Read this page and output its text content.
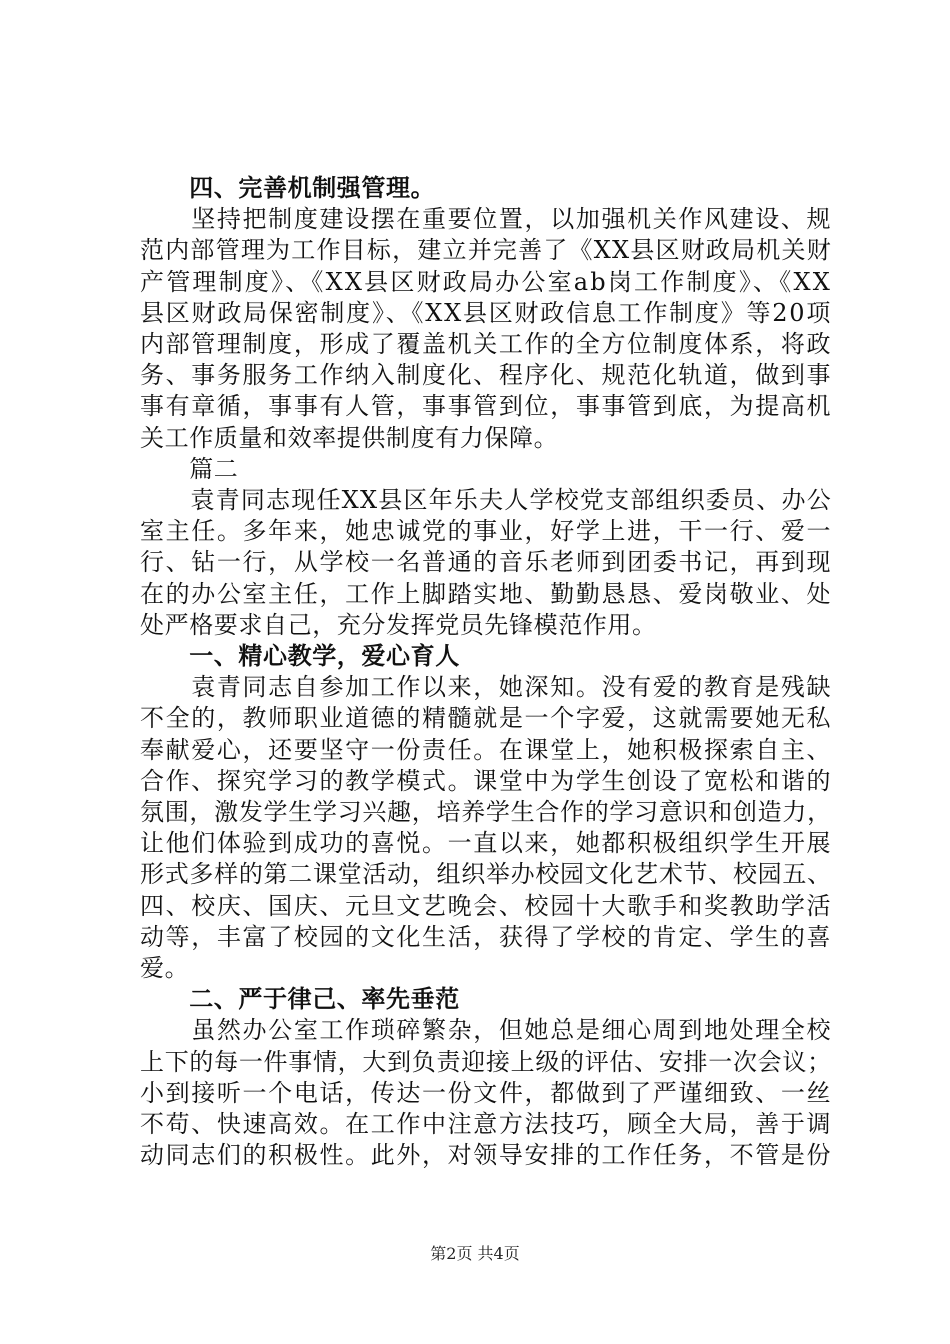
　　四、完善机制强管理。
　　坚持把制度建设摆在重要位置，以加强机关作风建设、规
范内部管理为工作目标，建立并完善了《XX县区财政局机关财
产管理制度》、《XX县区财政局办公室ab岗工作制度》、《XX
县区财政局保密制度》、《XX县区财政信息工作制度》等20项
内部管理制度，形成了覆盖机关工作的全方位制度体系，将政
务、事务服务工作纳入制度化、程序化、规范化轨道，做到事
事有章循，事事有人管，事事管到位，事事管到底，为提高机
关工作质量和效率提供制度有力保障。
　　篇二
　　袁青同志现任XX县区年乐夫人学校党支部组织委员、办公
室主任。多年来，她忠诚党的事业，好学上进，干一行、爱一
行、钻一行，从学校一名普通的音乐老师到团委书记，再到现
在的办公室主任，工作上脚踏实地、勤勤恳恳、爱岗敬业、处
处严格要求自己，充分发挥党员先锋模范作用。
　　一、精心教学，爱心育人
　　袁青同志自参加工作以来，她深知。没有爱的教育是残缺
不全的，教师职业道德的精髓就是一个字爱，这就需要她无私
奉献爱心，还要坚守一份责任。在课堂上，她积极探索自主、
合作、探究学习的教学模式。课堂中为学生创设了宽松和谐的
氛围，激发学生学习兴趣，培养学生合作的学习意识和创造力，
让他们体验到成功的喜悦。一直以来，她都积极组织学生开展
形式多样的第二课堂活动，组织举办校园文化艺术节、校园五、
四、校庆、国庆、元旦文艺晚会、校园十大歌手和奖教助学活
动等，丰富了校园的文化生活，获得了学校的肯定、学生的喜
爱。
　　二、严于律己、率先垂范
　　虽然办公室工作琐碎繁杂，但她总是细心周到地处理全校
上下的每一件事情，大到负责迎接上级的评估、安排一次会议；
小到接听一个电话，传达一份文件，都做到了严谨细致、一丝
不苟、快速高效。在工作中注意方法技巧，顾全大局，善于调
动同志们的积极性。此外，对领导安排的工作任务，不管是份
第2页 共4页
